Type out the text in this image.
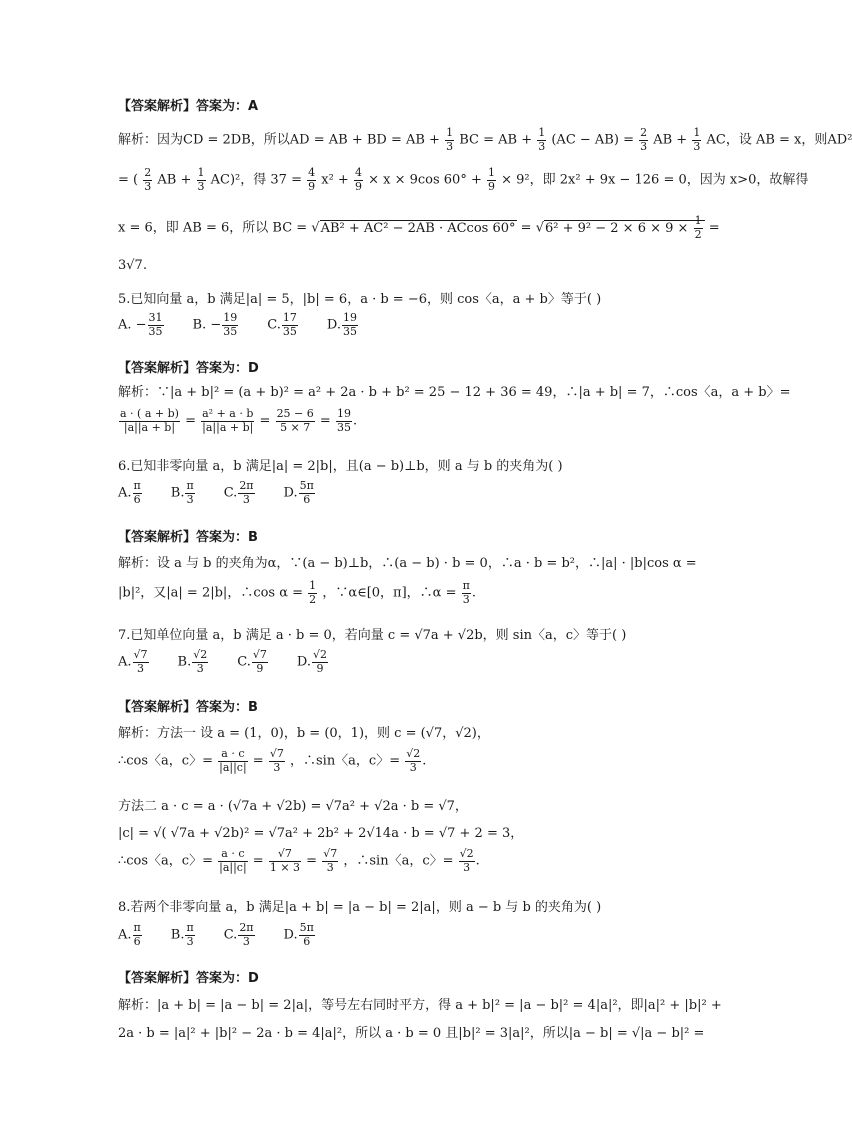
【答案解析】答案为：A
解析：因为CD = 2DB，所以AD = AB + BD = AB + $\frac{1}{3}$ BC = AB + $\frac{1}{3} (AC - AB) = \frac{2}{3}$ AB + $\frac{1}{3}$ AC，设 AB = x，则AD²
= ( $\frac{2}{3}$ AB + $\frac{1}{3} AC)^2$，得 $37 = \frac{4}{9} x^2 + \frac{4}{9} \times x \times 9\cos$ $60^\circ + \frac{1}{9} \times 9^2$，即 2x² + 9x − 126 = 0，因为 x>0，故解得
x = 6，即 AB = 6，所以 BC = √AB² + AC² − 2AB · ACcos $60^\circ = √6^2 + 9^2 - 2 \times 6 \times 9 \times \frac{1}{2}$ =
3√7.
5.已知向量 a，b 满足|a| = 5，|b| = 6，a · b = −6，则 cos〈a，a + b〉等于( )
A. − $\frac{31}{35} B$. − $\frac{19}{35} C$. $\frac{17}{35} D$. $\frac{19}{35}$
【答案解析】答案为：D
解析：∵|a + b|² = (a + b)² = a² + 2a · b + b² = 25 − 12 + 36 = 49，∴|a + b| = 7，∴cos〈a，a + b〉=
$\frac{a \cdot ( a + b)}{|a||a + b|} = \frac{\text{a² + a · b}}{|a||a + b|} = \frac{25 - 6}{5 \times 7} = \frac{19}{35}$ .
6.已知非零向量 a，b 满足|a| = 2|b|，且(a − b)⊥b，则 a 与 b 的夹角为( )
A. $\frac{\pi}{6} B$. $\frac{\pi}{3} C$. $\frac{2\pi}{3} D$. $\frac{5\pi}{6}$
【答案解析】答案为：B
解析：设 a 与 b 的夹角为α，∵(a − b)⊥b，∴(a − b) · b = 0，∴a · b = b²，∴|a| · |b|cos α =
|b|²，又|a| = 2|b|，∴cos $\alpha = \frac{1}{2}$ ，∵α∈[0，π]，∴α = $\frac{\pi}{3}$ .
7.已知单位向量 a，b 满足 a · b = 0，若向量 c = √7a + √2b，则 sin〈a，c〉等于( )
A. $\frac{√7}{3} B$. $\frac{√2}{3} C$. $\frac{√7}{9} D$. $\frac{√2}{9}$
【答案解析】答案为：B
解析：方法一 设 a = (1，0)，b = (0，1)，则 c = (√7，√2)，
∴cos〈a，c〉= $\frac{a \cdot c}{|a||c|} = \frac{√7}{3}$ ，∴sin〈a，c〉= $\frac{√2}{3}$ .
方法二 a · c = a · (√7a + √2b) = √7a² + √2a · b = √7，
|c| = √( √7a + √2b)² = √7a² + 2b² + 2√14a · b = √7 + 2 = 3，
∴cos〈a，c〉= $\frac{a \cdot c}{|a||c|} = \frac{√7}{1 \times 3} = \frac{√7}{3}$ ，∴sin〈a，c〉= $\frac{√2}{3}$ .
8.若两个非零向量 a，b 满足|a + b| = |a − b| = 2|a|，则 a − b 与 b 的夹角为( )
A. $\frac{\pi}{6} B$. $\frac{\pi}{3} C$. $\frac{2\pi}{3} D$. $\frac{5\pi}{6}$
【答案解析】答案为：D
解析：|a + b| = |a − b| = 2|a|，等号左右同时平方，得 a + b|² = |a − b|² = 4|a|²，即|a|² + |b|² +
2a · b = |a|² + |b|² − 2a · b = 4|a|²，所以 a · b = 0 且|b|² = 3|a|²，所以|a − b| = √|a − b|² =
